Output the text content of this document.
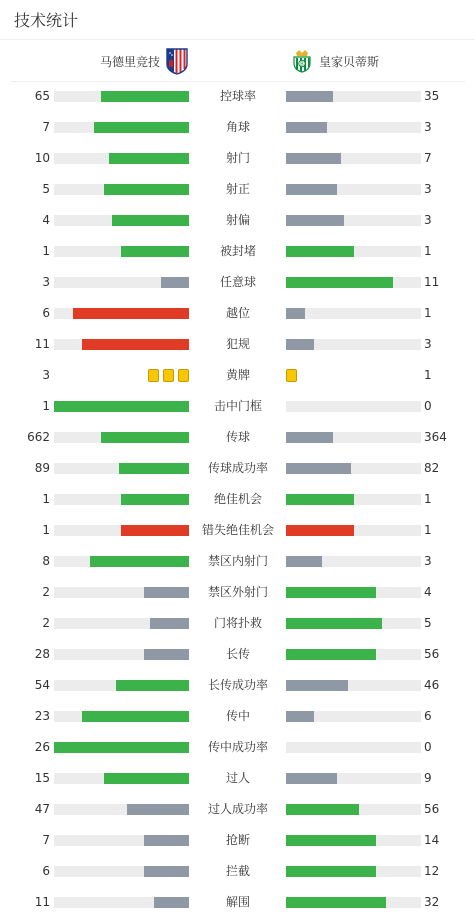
技术统计
马德里竞技	B 皇家贝蒂斯
65	控球率	35
7	角球	3
10	射门	7
5	射正	3
4	射偏	3
1	被封堵	1
3	任意球	11
6	越位	1
11	犯规	3
3	黄牌	1
1	击中门框	0
662	传球	364
89	传球成功率	82
1	绝佳机会	1
1	错失绝佳机会	1
8	禁区内射门	3
2	禁区外射门	4
2	门将扑救	5
28	长传	56
54	长传成功率	46
23	传中	6
26	传中成功率	0
15	过人	9
47	过人成功率	56
7	抢断	14
6	拦截	12
11	解围	32
